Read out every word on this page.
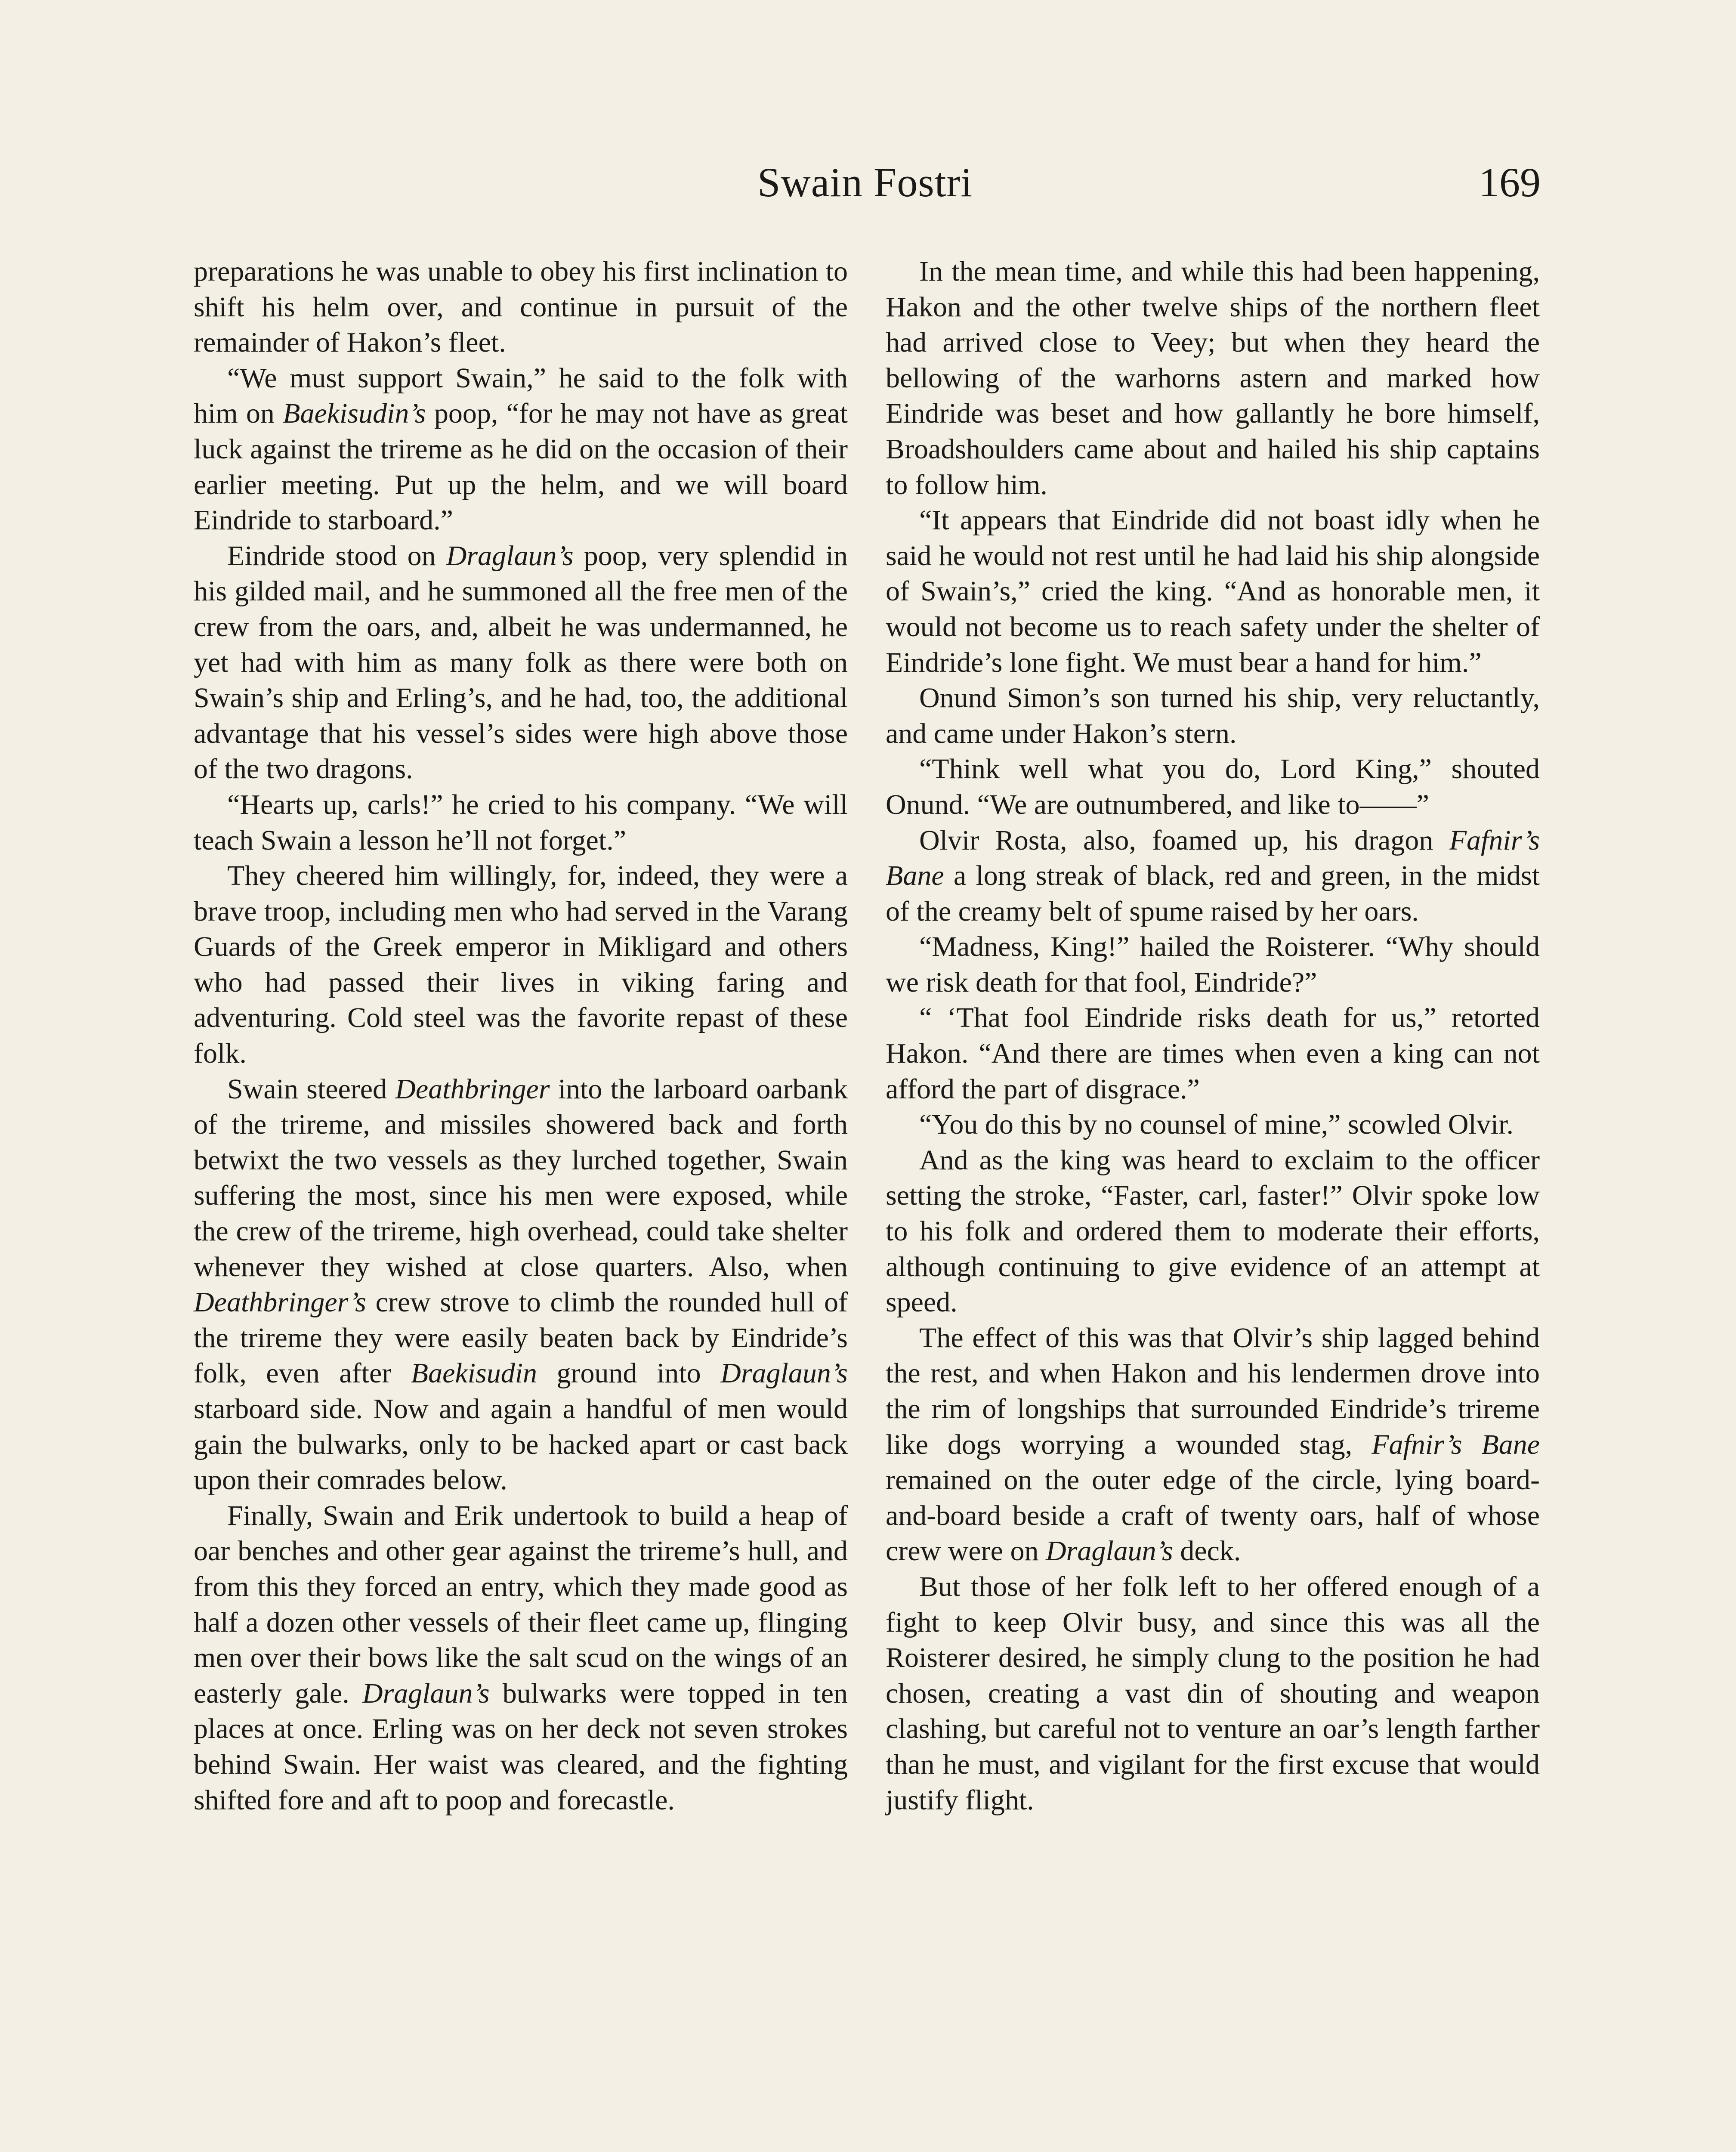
Swain Fostri	169

preparations he was unable to obey his first inclination to shift his helm over, and continue in pursuit of the remainder of Hakon’s fleet.

“We must support Swain,” he said to the folk with him on Baekisudin’s poop, “for he may not have as great luck against the trireme as he did on the occasion of their earlier meeting. Put up the helm, and we will board Eindride to starboard.”

Eindride stood on Draglaun’s poop, very splendid in his gilded mail, and he summoned all the free men of the crew from the oars, and, albeit he was undermanned, he yet had with him as many folk as there were both on Swain’s ship and Erling’s, and he had, too, the additional advantage that his vessel’s sides were high above those of the two dragons.

“Hearts up, carls!” he cried to his company. “We will teach Swain a lesson he’ll not forget.”

They cheered him willingly, for, indeed, they were a brave troop, including men who had served in the Varang Guards of the Greek emperor in Mikligard and others who had passed their lives in viking faring and adventuring. Cold steel was the favorite repast of these folk.

Swain steered Deathbringer into the larboard oarbank of the trireme, and missiles showered back and forth betwixt the two vessels as they lurched together, Swain suffering the most, since his men were exposed, while the crew of the trireme, high overhead, could take shelter whenever they wished at close quarters. Also, when Deathbringer’s crew strove to climb the rounded hull of the trireme they were easily beaten back by Eindride’s folk, even after Baekisudin ground into Draglaun’s starboard side. Now and again a handful of men would gain the bulwarks, only to be hacked apart or cast back upon their comrades below.

Finally, Swain and Erik undertook to build a heap of oar benches and other gear against the trireme’s hull, and from this they forced an entry, which they made good as half a dozen other vessels of their fleet came up, flinging men over their bows like the salt scud on the wings of an easterly gale. Draglaun’s bulwarks were topped in ten places at once. Erling was on her deck not seven strokes behind Swain. Her waist was cleared, and the fighting shifted fore and aft to poop and forecastle.

In the mean time, and while this had been happening, Hakon and the other twelve ships of the northern fleet had arrived close to Veey; but when they heard the bellowing of the warhorns astern and marked how Eindride was beset and how gallantly he bore himself, Broadshoulders came about and hailed his ship captains to follow him.

“It appears that Eindride did not boast idly when he said he would not rest until he had laid his ship alongside of Swain’s,” cried the king. “And as honorable men, it would not become us to reach safety under the shelter of Eindride’s lone fight. We must bear a hand for him.”

Onund Simon’s son turned his ship, very reluctantly, and came under Hakon’s stern.

“Think well what you do, Lord King,” shouted Onund. “We are outnumbered, and like to——”

Olvir Rosta, also, foamed up, his dragon Fafnir’s Bane a long streak of black, red and green, in the midst of the creamy belt of spume raised by her oars.

“Madness, King!” hailed the Roisterer. “Why should we risk death for that fool, Eindride?”

“ ‘That fool Eindride risks death for us,” retorted Hakon. “And there are times when even a king can not afford the part of disgrace.”

“You do this by no counsel of mine,” scowled Olvir.

And as the king was heard to exclaim to the officer setting the stroke, “Faster, carl, faster!” Olvir spoke low to his folk and ordered them to moderate their efforts, although continuing to give evidence of an attempt at speed.

The effect of this was that Olvir’s ship lagged behind the rest, and when Hakon and his lendermen drove into the rim of longships that surrounded Eindride’s trireme like dogs worrying a wounded stag, Fafnir’s Bane remained on the outer edge of the circle, lying board-and-board beside a craft of twenty oars, half of whose crew were on Draglaun’s deck.

But those of her folk left to her offered enough of a fight to keep Olvir busy, and since this was all the Roisterer desired, he simply clung to the position he had chosen, creating a vast din of shouting and weapon clashing, but careful not to venture an oar’s length farther than he must, and vigilant for the first excuse that would justify flight.
